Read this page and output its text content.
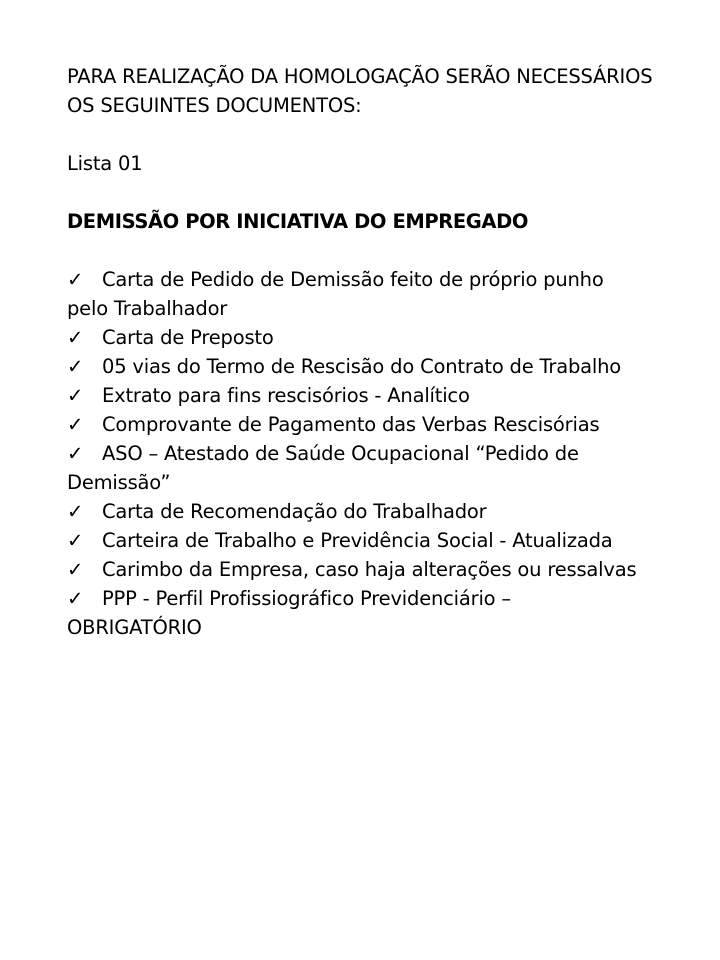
PARA REALIZAÇÃO DA HOMOLOGAÇÃO SERÃO NECESSÁRIOS
OS SEGUINTES DOCUMENTOS:
Lista 01
DEMISSÃO POR INICIATIVA DO EMPREGADO
✓ Carta de Pedido de Demissão feito de próprio punho
pelo Trabalhador
✓ Carta de Preposto
✓ 05 vias do Termo de Rescisão do Contrato de Trabalho
✓ Extrato para fins rescisórios - Analítico
✓ Comprovante de Pagamento das Verbas Rescisórias
✓ ASO – Atestado de Saúde Ocupacional “Pedido de
Demissão”
✓ Carta de Recomendação do Trabalhador
✓ Carteira de Trabalho e Previdência Social - Atualizada
✓ Carimbo da Empresa, caso haja alterações ou ressalvas
✓ PPP - Perfil Profissiográfico Previdenciário –
OBRIGATÓRIO
